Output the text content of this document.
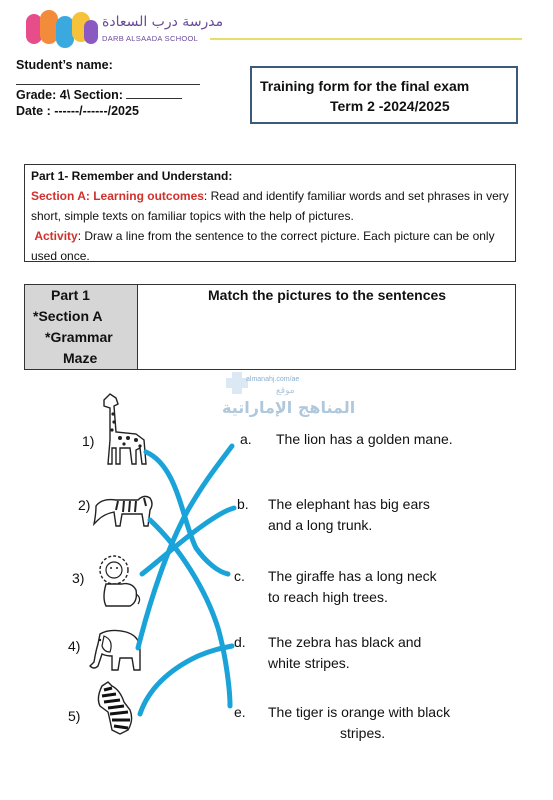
مدرسة درب السعادة
DARB ALSAADA SCHOOL
Student’s name:
Grade: 4\ Section:
Date : ------/------/2025
Training form for the final exam
Term 2 -2024/2025
Part 1- Remember and Understand:
Section A: Learning outcomes: Read and identify familiar words and set phrases in very short, simple texts on familiar topics with the help of pictures.
Activity: Draw a line from the sentence to the correct picture. Each picture can be only used once.
Part 1
*Section A
*Grammar
Maze
Match the pictures to the sentences
almanahj.com/ae
موقع
المناهج الإماراتية
1)
2)
3)
4)
5)
a.
b.
c.
d.
e.
The lion has a golden mane.
The elephant has big ears
and a long trunk.
The giraffe has a long neck
to reach high trees.
The zebra has black and
white stripes.
The tiger is orange with black
stripes.
